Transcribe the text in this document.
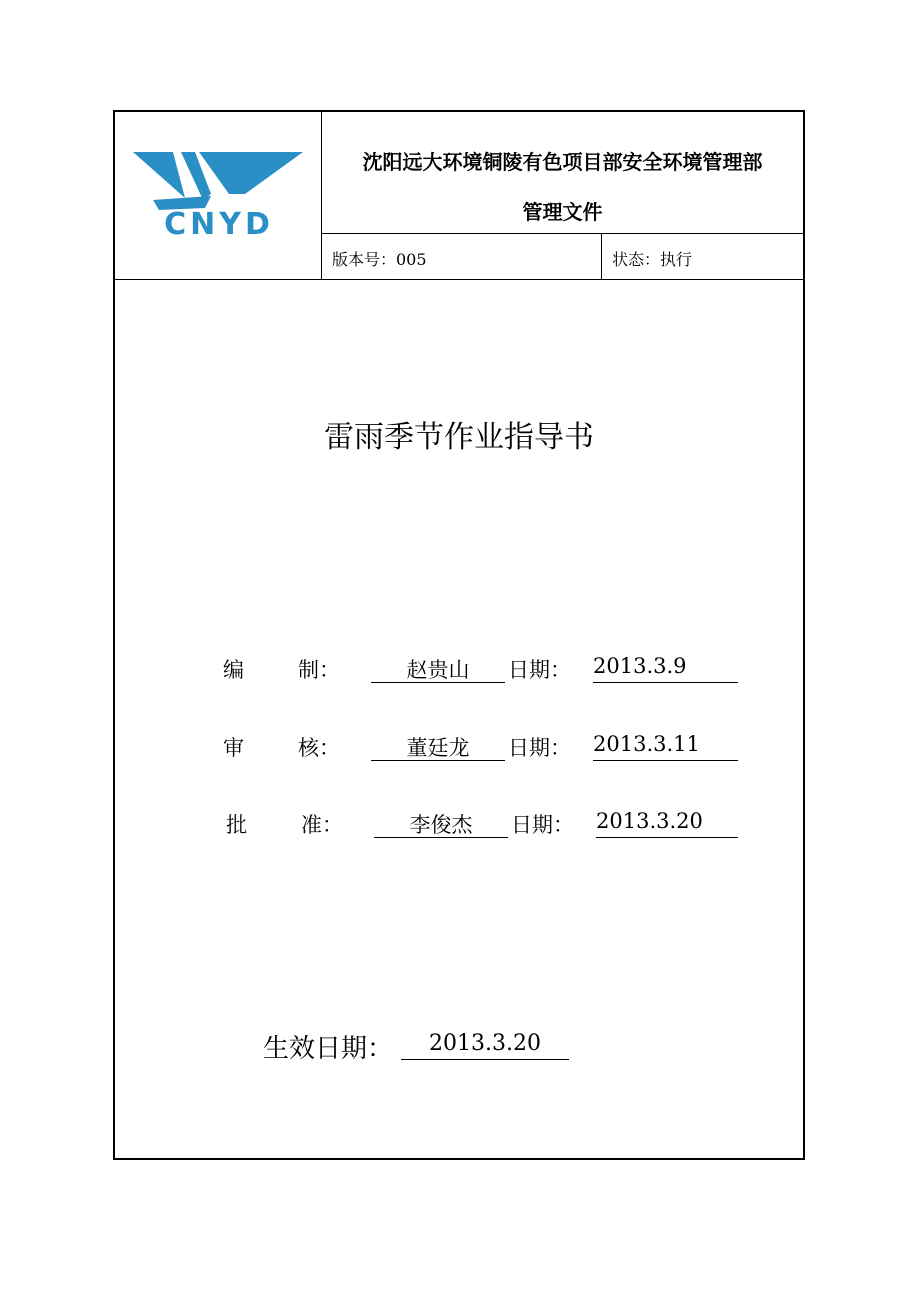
CNYD
沈阳远大环境铜陵有色项目部安全环境管理部
管理文件
版本号：005	状态：执行
雷雨季节作业指导书
编	制：	赵贵山	日期： 2013.3.9
审	核：	董廷龙	日期： 2013.3.11
批	准：	李俊杰	日期： 2013.3.20
生效日期：	2013.3.20
